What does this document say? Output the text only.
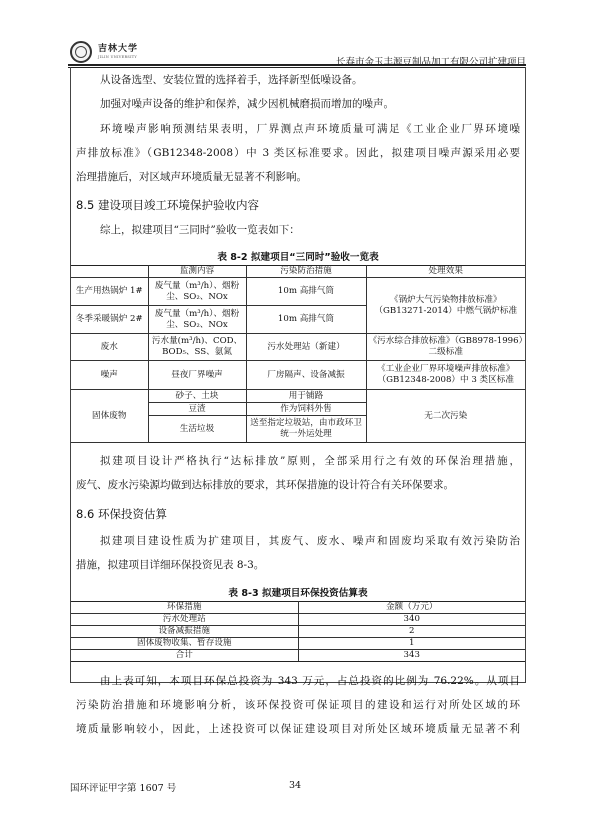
吉林大学
JILIN UNIVERSITY
长春市金玉丰源豆制品加工有限公司扩建项目
从设备选型、安装位置的选择着手，选择新型低噪设备。
加强对噪声设备的维护和保养，减少因机械磨损而增加的噪声。
环境噪声影响预测结果表明，厂界测点声环境质量可满足《工业企业厂界环境噪
声排放标准》（GB12348-2008）中 3 类区标准要求。因此，拟建项目噪声源采用必要
治理措施后，对区域声环境质量无显著不利影响。
8.5 建设项目竣工环境保护验收内容
综上，拟建项目“三同时”验收一览表如下：
表 8-2 拟建项目“三同时”验收一览表
	监测内容	污染防治措施	处理效果
生产用热锅炉 1#	废气量（m³/h）、烟粉尘、SO₂、NOx	10m 高排气筒	《锅炉大气污染物排放标准》（GB13271-2014）中燃气锅炉标准
冬季采暖锅炉 2#	废气量（m³/h）、烟粉尘、SO₂、NOx	10m 高排气筒	
废水	污水量(m³/h)、COD、BOD₅、SS、氨氮	污水处理站（新建）	《污水综合排放标准》（GB8978-1996）二级标准
噪声	昼夜厂界噪声	厂房隔声、设备减振	《工业企业厂界环境噪声排放标准》（GB12348-2008）中 3 类区标准
固体废物	砂子、土块	用于铺路	无二次污染
	豆渣	作为饲料外售	
	生活垃圾	送至指定垃圾站，由市政环卫统一外运处理	
拟建项目设计严格执行“达标排放”原则，全部采用行之有效的环保治理措施，
废气、废水污染源均做到达标排放的要求，其环保措施的设计符合有关环保要求。
8.6 环保投资估算
拟建项目建设性质为扩建项目，其废气、废水、噪声和固废均采取有效污染防治
措施，拟建项目详细环保投资见表 8-3。
表 8-3 拟建项目环保投资估算表
环保措施	金额（万元）
污水处理站	340
设备减振措施	2
固体废物收集、暂存设施	1
合计	343
由上表可知，本项目环保总投资为 343 万元，占总投资的比例为 76.22%。从项目
污染防治措施和环境影响分析，该环保投资可保证项目的建设和运行对所处区域的环
境质量影响较小，因此，上述投资可以保证建设项目对所处区域环境质量无显著不利
国环评证甲字第 1607 号	34
